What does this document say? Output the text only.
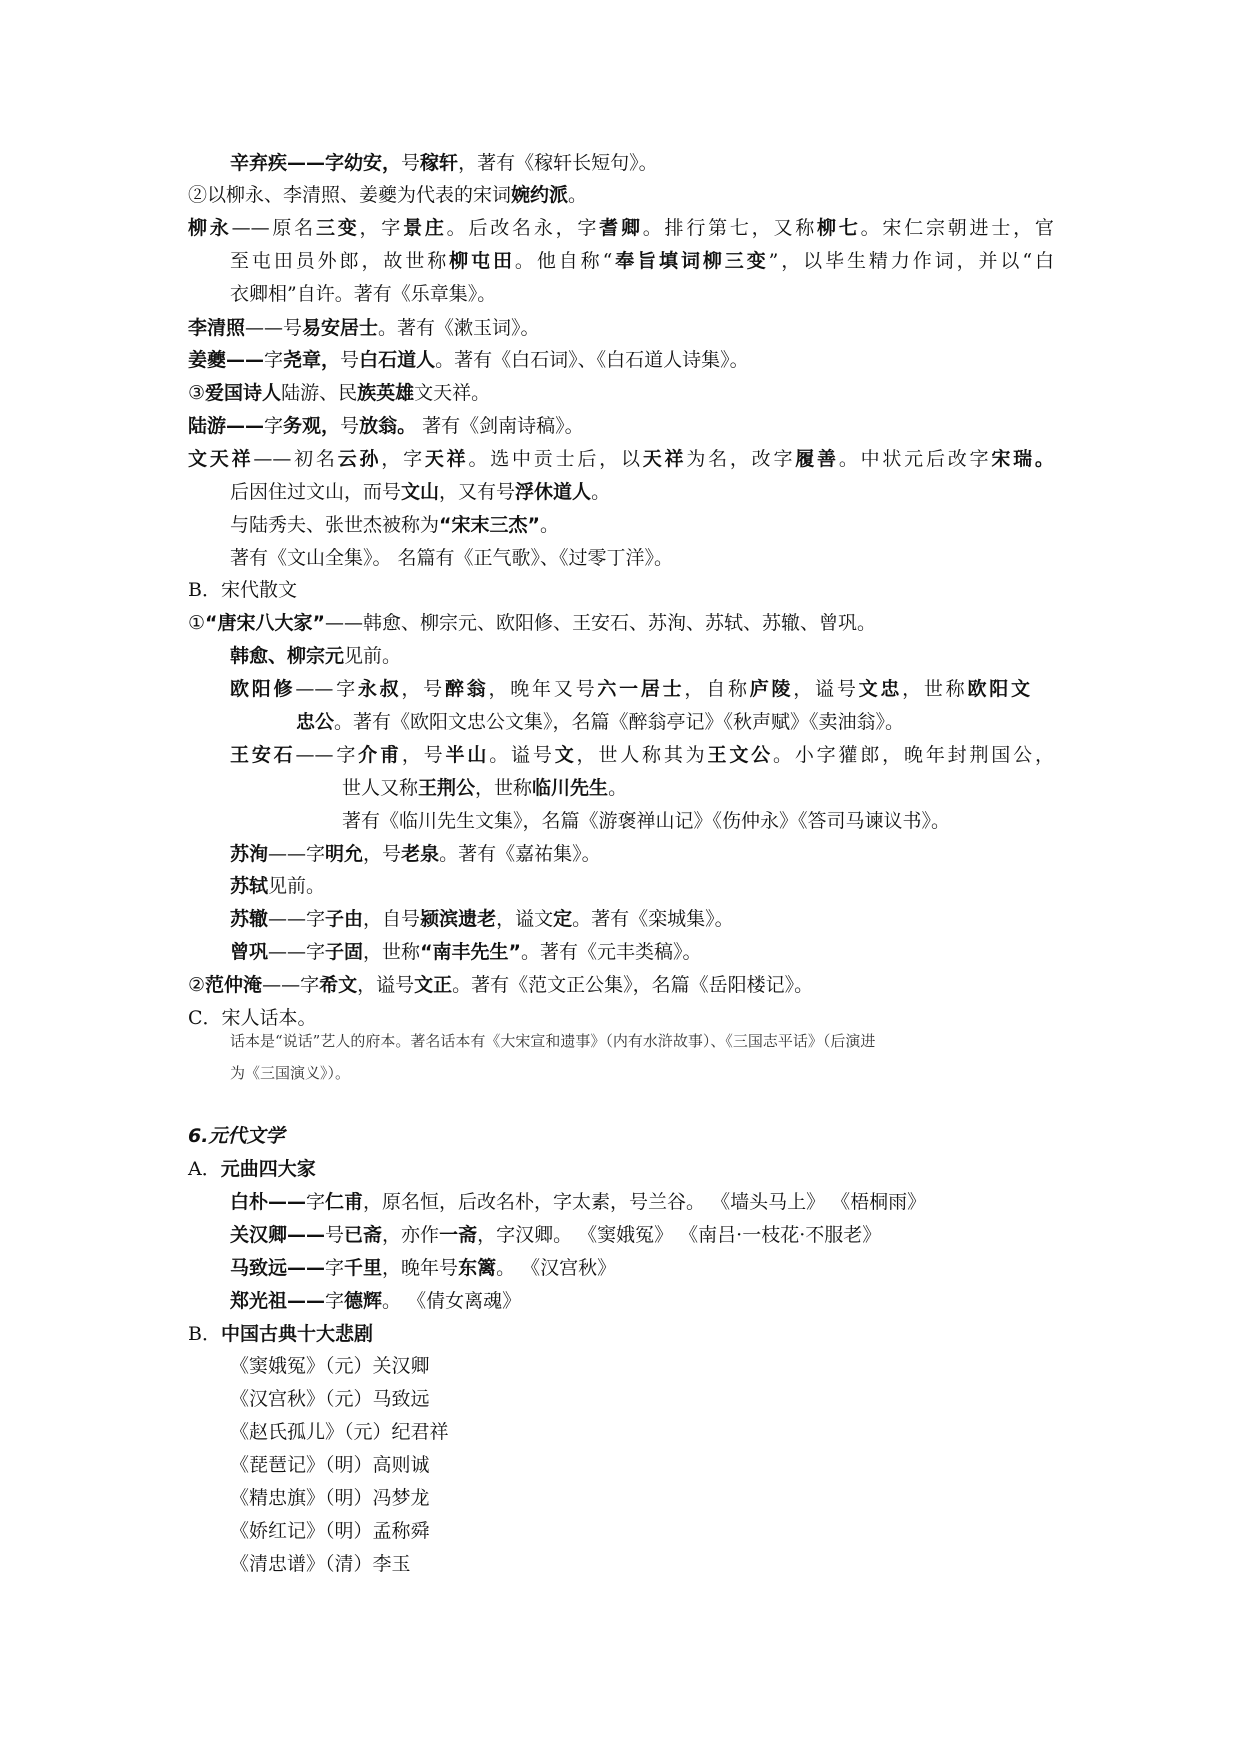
辛弃疾——字幼安，号稼轩，著有《稼轩长短句》。
②以柳永、李清照、姜夔为代表的宋词婉约派。
柳永——原名三变，字景庄。后改名永，字耆卿。排行第七，又称柳七。宋仁宗朝进士，官
至屯田员外郎，故世称柳屯田。他自称“奉旨填词柳三变”，以毕生精力作词，并以“白
衣卿相”自许。著有《乐章集》。
李清照——号易安居士。著有《漱玉词》。
姜夔——字尧章，号白石道人。著有《白石词》、《白石道人诗集》。
③爱国诗人陆游、民族英雄文天祥。
陆游——字务观，号放翁。 著有《剑南诗稿》。
文天祥——初名云孙，字天祥。选中贡士后，以天祥为名，改字履善。中状元后改字宋瑞。
后因住过文山，而号文山，又有号浮休道人。
与陆秀夫、张世杰被称为“宋末三杰”。
著有《文山全集》。 名篇有《正气歌》、《过零丁洋》。
B．宋代散文
①“唐宋八大家”——韩愈、柳宗元、欧阳修、王安石、苏洵、苏轼、苏辙、曾巩。
韩愈、柳宗元见前。
欧阳修——字永叔，号醉翁，晚年又号六一居士，自称庐陵，谥号文忠，世称欧阳文
忠公。著有《欧阳文忠公文集》，名篇《醉翁亭记》《秋声赋》《卖油翁》。
王安石——字介甫，号半山。谥号文，世人称其为王文公。小字獾郎，晚年封荆国公，
世人又称王荆公，世称临川先生。
著有《临川先生文集》，名篇《游褒禅山记》《伤仲永》《答司马谏议书》。
苏洵——字明允，号老泉。著有《嘉祐集》。
苏轼见前。
苏辙——字子由，自号颍滨遗老，谥文定。著有《栾城集》。
曾巩——字子固，世称“南丰先生”。著有《元丰类稿》。
②范仲淹——字希文，谥号文正。著有《范文正公集》，名篇《岳阳楼记》。
C．宋人话本。
话本是“说话”艺人的府本。著名话本有《大宋宣和遗事》（内有水浒故事）、《三国志平话》（后演进
为《三国演义》）。
6.元代文学
A．元曲四大家
白朴——字仁甫，原名恒，后改名朴，字太素，号兰谷。 《墙头马上》 《梧桐雨》
关汉卿——号已斋，亦作一斋，字汉卿。 《窦娥冤》 《南吕·一枝花·不服老》
马致远——字千里，晚年号东篱。 《汉宫秋》
郑光祖——字德辉。 《倩女离魂》
B．中国古典十大悲剧
《窦娥冤》（元）关汉卿
《汉宫秋》（元）马致远
《赵氏孤儿》（元）纪君祥
《琵琶记》（明）高则诚
《精忠旗》（明）冯梦龙
《娇红记》（明）孟称舜
《清忠谱》（清）李玉
